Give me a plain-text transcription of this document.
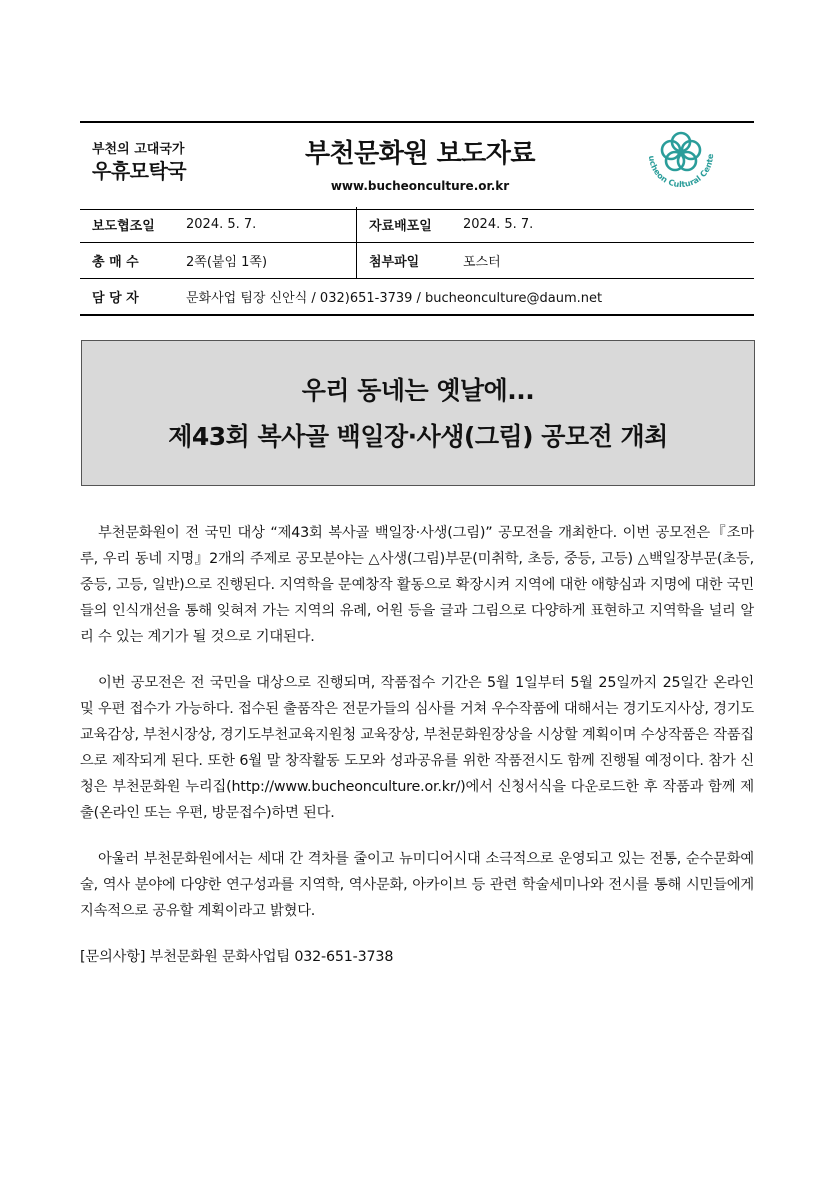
부천의 고대국가
우휴모탁국
부천문화원 보도자료
www.bucheonculture.or.kr
ucheon Cultural Cente
보도협조일	2024. 5. 7.	자료배포일	2024. 5. 7.
총 매 수	2쪽(붙임 1쪽)	첨부파일	포스터
담 당 자	문화사업 팀장 신안식 / 032)651-3739 / bucheonculture@daum.net		
우리 동네는 옛날에...
제43회 복사골 백일장·사생(그림) 공모전 개최

부천문화원이 전 국민 대상 “제43회 복사골 백일장·사생(그림)” 공모전을 개최한다. 이번 공모전은『조마루, 우리 동네 지명』2개의 주제로 공모분야는 △사생(그림)부문(미취학, 초등, 중등, 고등) △백일장부문(초등, 중등, 고등, 일반)으로 진행된다. 지역학을 문예창작 활동으로 확장시켜 지역에 대한 애향심과 지명에 대한 국민들의 인식개선을 통해 잊혀져 가는 지역의 유례, 어원 등을 글과 그림으로 다양하게 표현하고 지역학을 널리 알리 수 있는 계기가 될 것으로 기대된다.

이번 공모전은 전 국민을 대상으로 진행되며, 작품접수 기간은 5월 1일부터 5월 25일까지 25일간 온라인 및 우편 접수가 가능하다. 접수된 출품작은 전문가들의 심사를 거쳐 우수작품에 대해서는 경기도지사상, 경기도교육감상, 부천시장상, 경기도부천교육지원청 교육장상, 부천문화원장상을 시상할 계획이며 수상작품은 작품집으로 제작되게 된다. 또한 6월 말 창작활동 도모와 성과공유를 위한 작품전시도 함께 진행될 예정이다. 참가 신청은 부천문화원 누리집(http://www.bucheonculture.or.kr/)에서 신청서식을 다운로드한 후 작품과 함께 제출(온라인 또는 우편, 방문접수)하면 된다.

아울러 부천문화원에서는 세대 간 격차를 줄이고 뉴미디어시대 소극적으로 운영되고 있는 전통, 순수문화예술, 역사 분야에 다양한 연구성과를 지역학, 역사문화, 아카이브 등 관련 학술세미나와 전시를 통해 시민들에게 지속적으로 공유할 계획이라고 밝혔다.

[문의사항] 부천문화원 문화사업팀 032-651-3738
